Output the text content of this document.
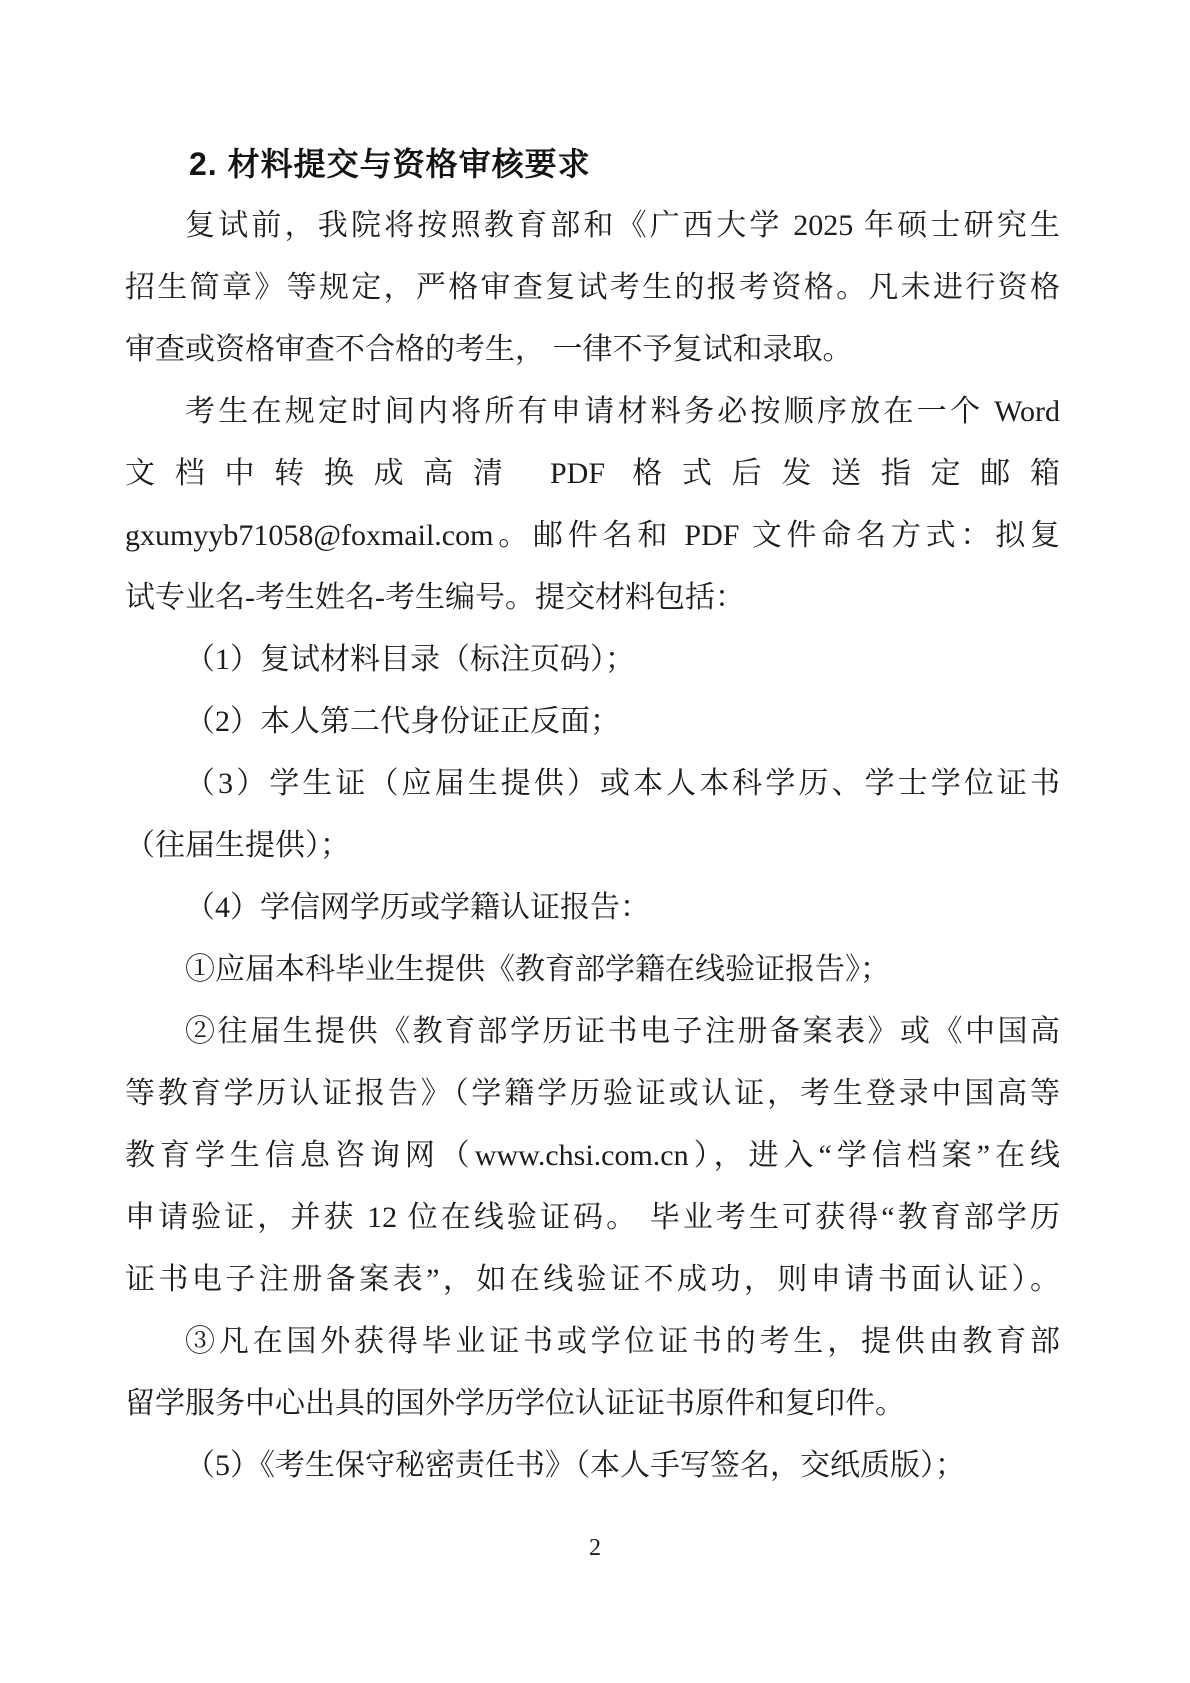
2. 材料提交与资格审核要求
复试前，我院将按照教育部和《广西大学 2025 年硕士研究生
招生简章》等规定，严格审查复试考生的报考资格。凡未进行资格
审查或资格审查不合格的考生， 一律不予复试和录取。
考生在规定时间内将所有申请材料务必按顺序放在一个 Word
文档中转换成高清 PDF 格式后发送指定邮箱
gxumyyb71058@foxmail.com。邮件名和 PDF 文件命名方式：拟复
试专业名-考生姓名-考生编号。提交材料包括：
（1）复试材料目录（标注页码）；
（2）本人第二代身份证正反面；
（3）学生证（应届生提供）或本人本科学历、学士学位证书
（往届生提供）；
（4）学信网学历或学籍认证报告：
①应届本科毕业生提供《教育部学籍在线验证报告》；
②往届生提供《教育部学历证书电子注册备案表》或《中国高
等教育学历认证报告》（学籍学历验证或认证，考生登录中国高等
教育学生信息咨询网（www.chsi.com.cn），进入“学信档案”在线
申请验证，并获 12 位在线验证码。 毕业考生可获得“教育部学历
证书电子注册备案表”，如在线验证不成功，则申请书面认证）。
③凡在国外获得毕业证书或学位证书的考生，提供由教育部
留学服务中心出具的国外学历学位认证证书原件和复印件。
（5）《考生保守秘密责任书》（本人手写签名，交纸质版）；
2
